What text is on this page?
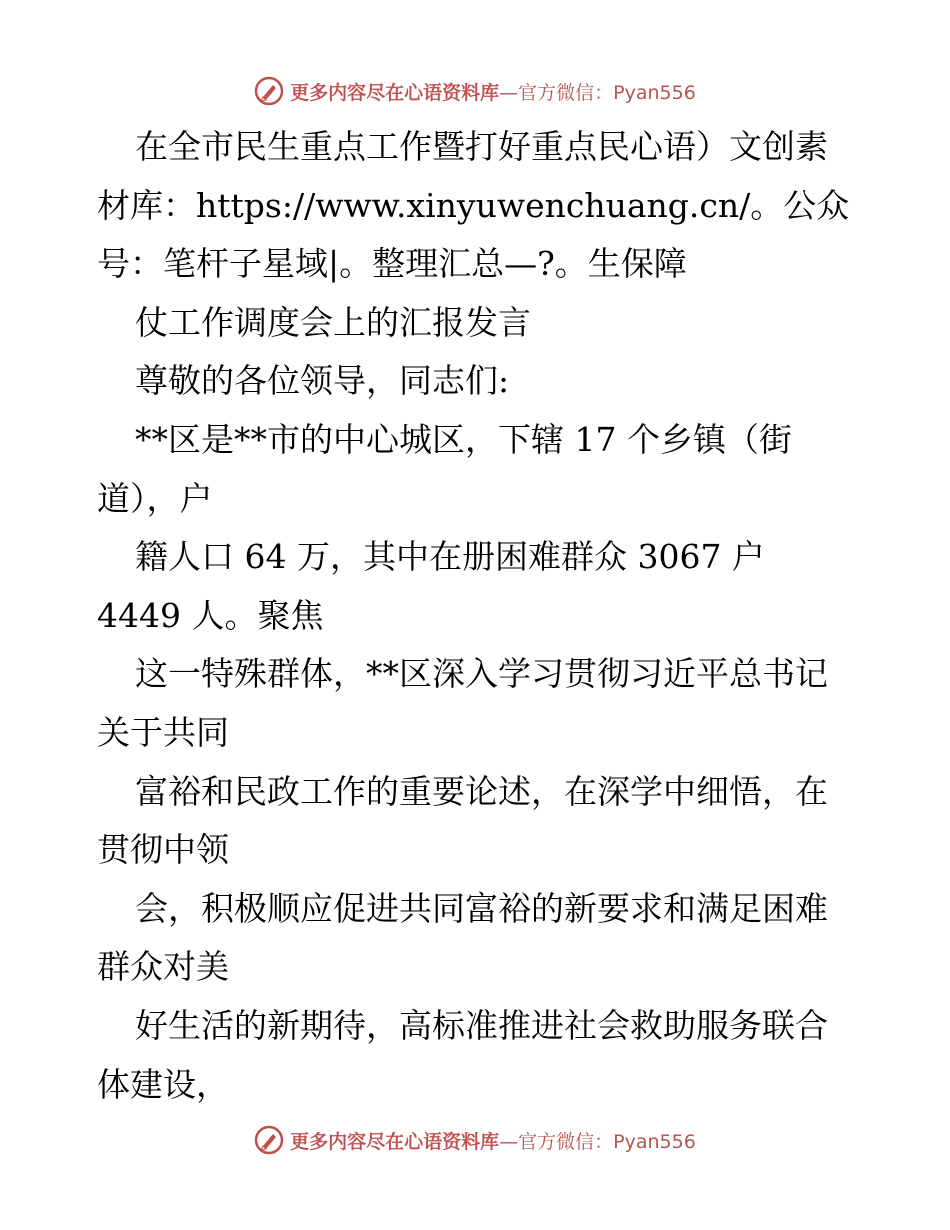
更多内容尽在心语资料库 —官方微信：Pyan556
在全市民生重点工作暨打好重点民心语）文创素
材库：https://www.xinyuwenchuang.cn/。公众
号：笔杆子星域|。整理汇总—?。生保障
仗工作调度会上的汇报发言
尊敬的各位领导，同志们:
**区是**市的中心城区，下辖 17 个乡镇（街
道），户
籍人口 64 万，其中在册困难群众 3067 户
4449 人。聚焦
这一特殊群体，**区深入学习贯彻习近平总书记
关于共同
富裕和民政工作的重要论述，在深学中细悟，在
贯彻中领
会，积极顺应促进共同富裕的新要求和满足困难
群众对美
好生活的新期待，高标准推进社会救助服务联合
体建设，
更多内容尽在心语资料库 —官方微信：Pyan556
